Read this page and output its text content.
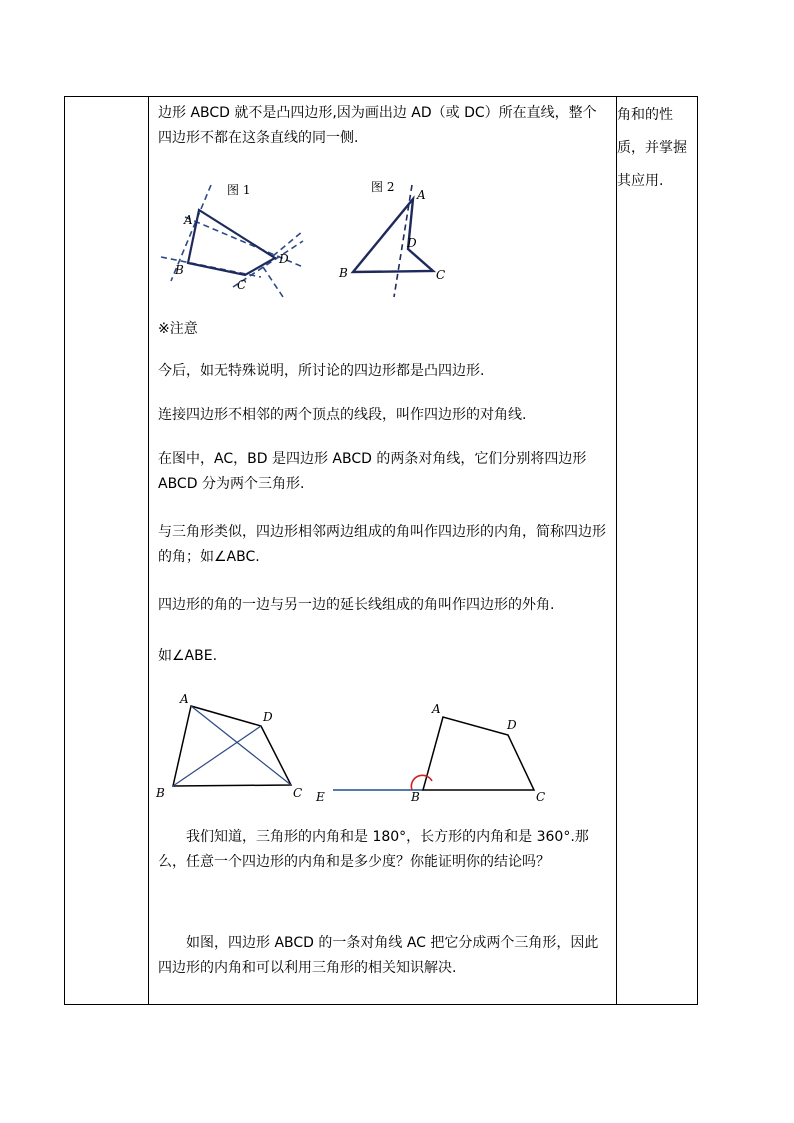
边形 ABCD 就不是凸四边形,因为画出边 AD（或 DC）所在直线，整个四边形不都在这条直线的同一侧.

A
B
C
D
图 1	A
B	C
D
图 2

※注意

今后，如无特殊说明，所讨论的四边形都是凸四边形.

连接四边形不相邻的两个顶点的线段，叫作四边形的对角线.

在图中，AC，BD 是四边形 ABCD 的两条对角线，它们分别将四边形 ABCD 分为两个三角形.

与三角形类似，四边形相邻两边组成的角叫作四边形的内角，简称四边形的角；如∠ABC.

四边形的角的一边与另一边的延长线组成的角叫作四边形的外角.

如∠ABE.

A
B	C
D
A
B	C
D
E

我们知道，三角形的内角和是 180°，长方形的内角和是 360°.那么，任意一个四边形的内角和是多少度？你能证明你的结论吗？

如图，四边形 ABCD 的一条对角线 AC 把它分成两个三角形，因此四边形的内角和可以利用三角形的相关知识解决.

角和的性质，并掌握其应用.
